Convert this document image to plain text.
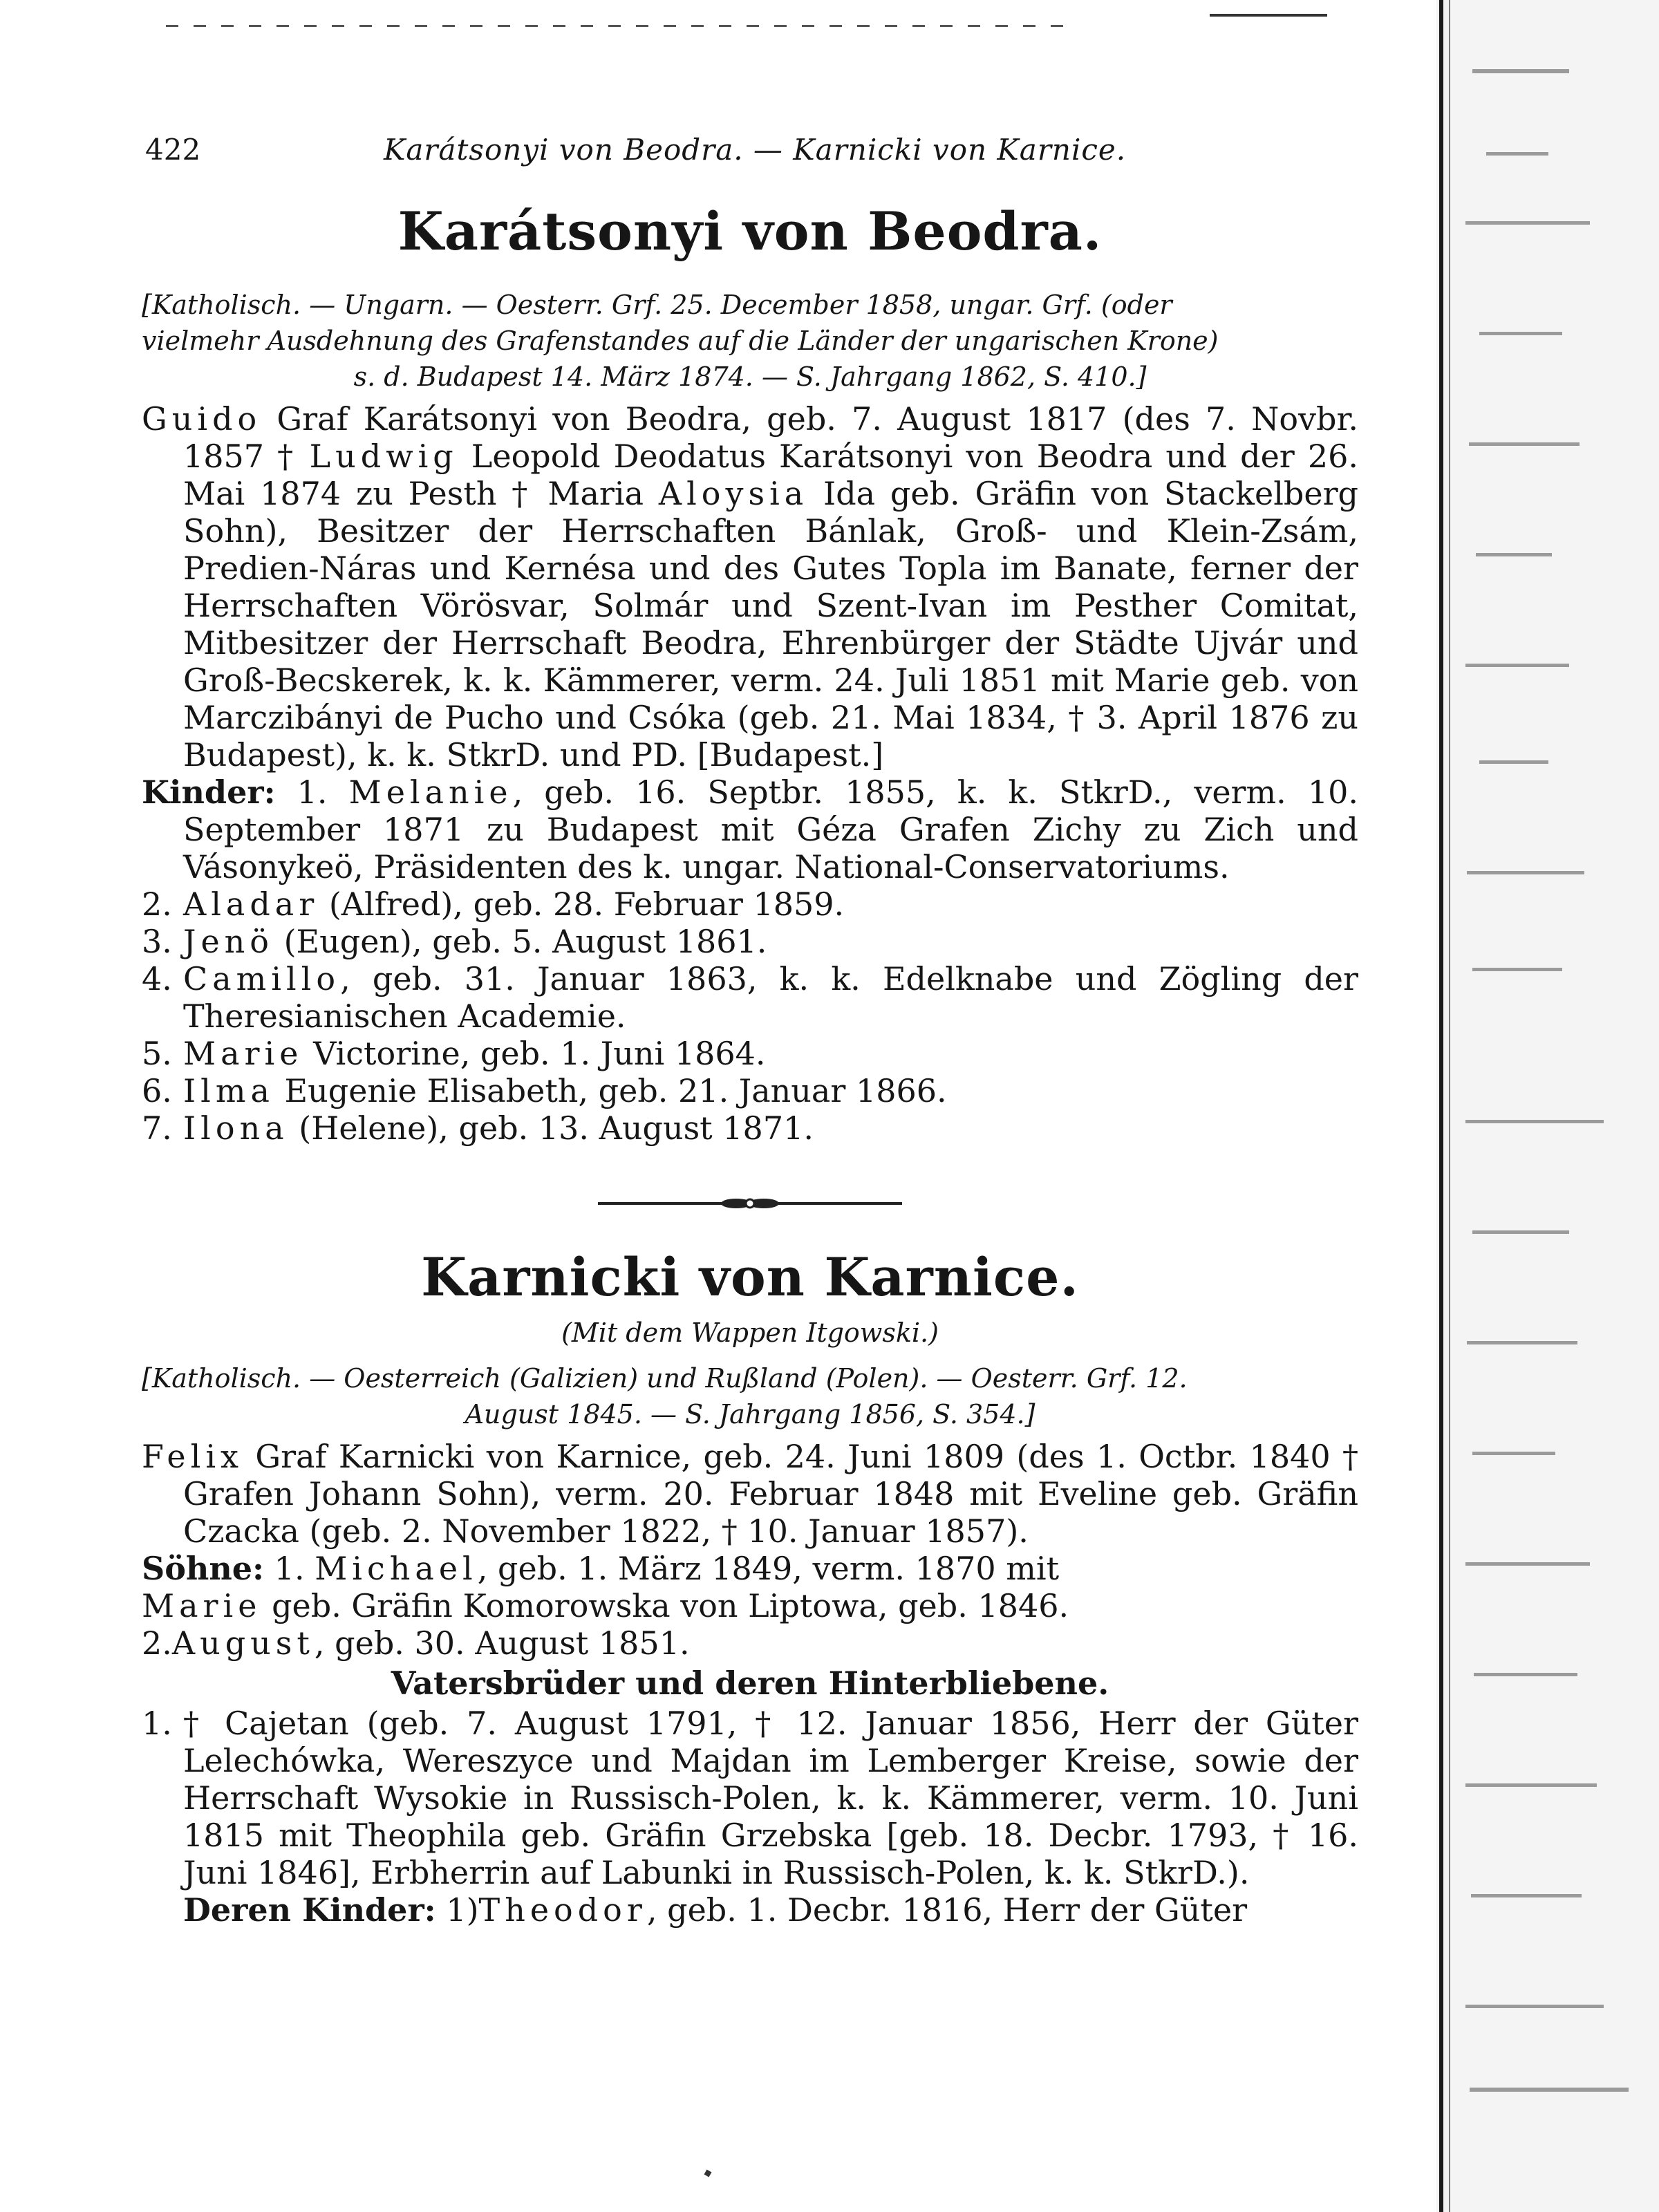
422	Karátsonyi von Beodra. — Karnicki von Karnice.
Karátsonyi von Beodra.
[Katholisch. — Ungarn. — Oesterr. Grf. 25. December 1858, ungar. Grf. (oder
vielmehr Ausdehnung des Grafenstandes auf die Länder der ungarischen Krone)
s. d. Budapest 14. März 1874. — S. Jahrgang 1862, S. 410.]
Guido Graf Karátsonyi von Beodra, geb. 7. August 1817 (des 7. Novbr. 1857 † Ludwig Leopold Deodatus Karátsonyi von Beodra und der 26. Mai 1874 zu Pesth † Maria Aloysia Ida geb. Gräfin von Stackelberg Sohn), Besitzer der Herrschaften Bánlak, Groß- und Klein-Zsám, Predien-Náras und Kernésa und des Gutes Topla im Banate, ferner der Herrschaften Vörösvar, Solmár und Szent-Ivan im Pesther Comitat, Mitbesitzer der Herrschaft Beodra, Ehrenbürger der Städte Ujvár und Groß-Becskerek, k. k. Kämmerer, verm. 24. Juli 1851 mit Marie geb. von Marczibányi de Pucho und Csóka (geb. 21. Mai 1834, † 3. April 1876 zu Budapest), k. k. StkrD. und PD. [Budapest.]
Kinder: 1. Melanie, geb. 16. Septbr. 1855, k. k. StkrD., verm. 10. September 1871 zu Budapest mit Géza Grafen Zichy zu Zich und Vásonykeö, Präsidenten des k. ungar. National-Conservatoriums.
2. Aladar (Alfred), geb. 28. Februar 1859.
3. Jenö (Eugen), geb. 5. August 1861.
4. Camillo, geb. 31. Januar 1863, k. k. Edelknabe und Zögling der Theresianischen Academie.
5. Marie Victorine, geb. 1. Juni 1864.
6. Ilma Eugenie Elisabeth, geb. 21. Januar 1866.
7. Ilona (Helene), geb. 13. August 1871.
Karnicki von Karnice.
(Mit dem Wappen Itgowski.)
[Katholisch. — Oesterreich (Galizien) und Rußland (Polen). — Oesterr. Grf. 12.
August 1845. — S. Jahrgang 1856, S. 354.]
Felix Graf Karnicki von Karnice, geb. 24. Juni 1809 (des 1. Octbr. 1840 † Grafen Johann Sohn), verm. 20. Februar 1848 mit Eveline geb. Gräfin Czacka (geb. 2. November 1822, † 10. Januar 1857).
Söhne: 1. Michael, geb. 1. März 1849, verm. 1870 mit
Marie geb. Gräfin Komorowska von Liptowa, geb. 1846.
2.August, geb. 30. August 1851.
Vatersbrüder und deren Hinterbliebene.
1. † Cajetan (geb. 7. August 1791, † 12. Januar 1856, Herr der Güter Lelechówka, Wereszyce und Majdan im Lemberger Kreise, sowie der Herrschaft Wysokie in Russisch-Polen, k. k. Kämmerer, verm. 10. Juni 1815 mit Theophila geb. Gräfin Grzebska [geb. 18. Decbr. 1793, † 16. Juni 1846], Erbherrin auf Labunki in Russisch-Polen, k. k. StkrD.).
Deren Kinder: 1)Theodor, geb. 1. Decbr. 1816, Herr der Güter
